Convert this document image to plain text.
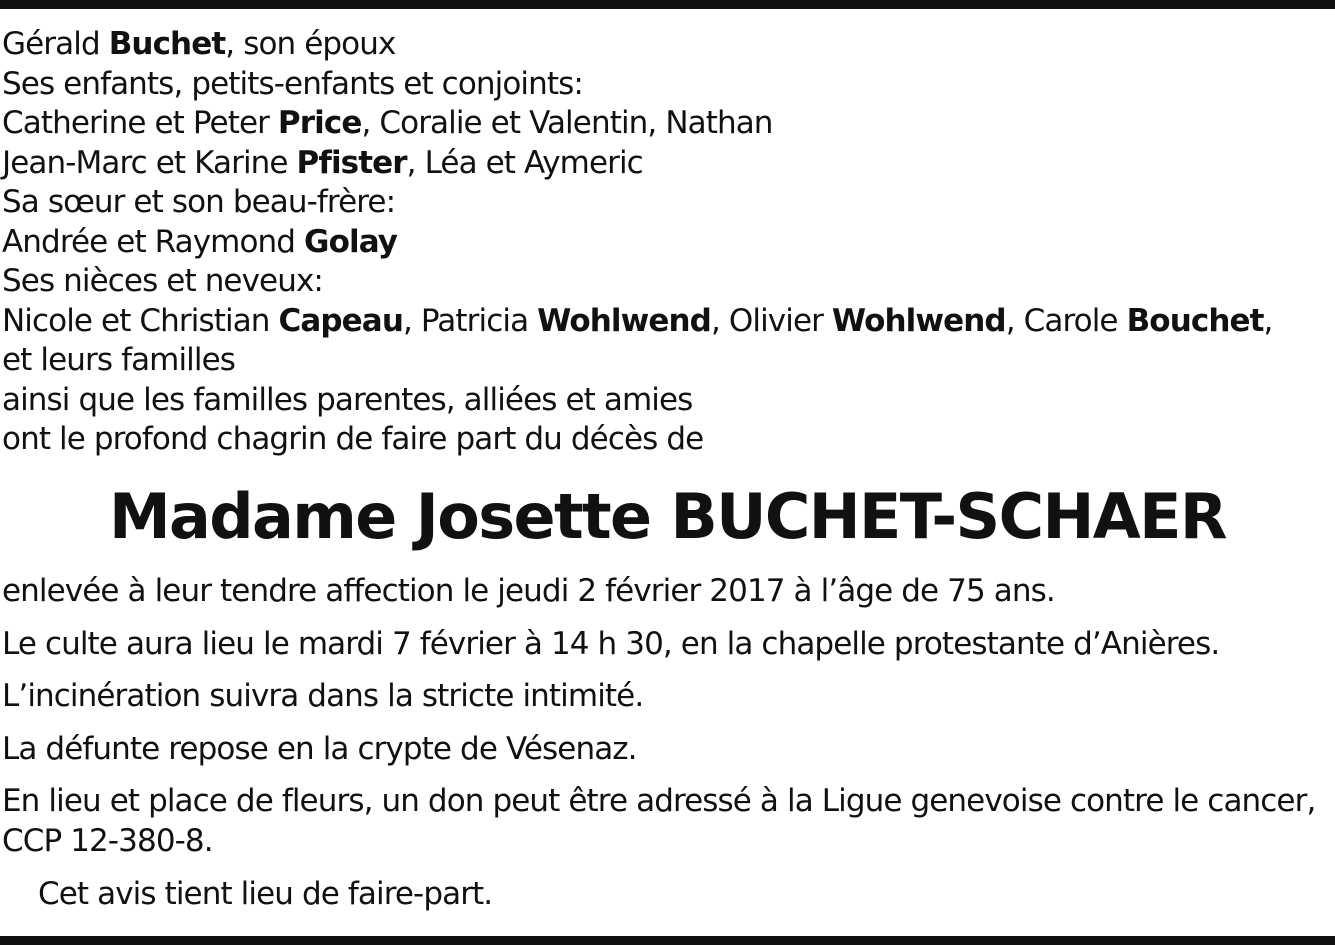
Gérald Buchet, son époux
Ses enfants, petits-enfants et conjoints:
Catherine et Peter Price, Coralie et Valentin, Nathan
Jean-Marc et Karine Pfister, Léa et Aymeric
Sa sœur et son beau-frère:
Andrée et Raymond Golay
Ses nièces et neveux:
Nicole et Christian Capeau, Patricia Wohlwend, Olivier Wohlwend, Carole Bouchet,
et leurs familles
ainsi que les familles parentes, alliées et amies
ont le profond chagrin de faire part du décès de
Madame Josette BUCHET-SCHAER
enlevée à leur tendre affection le jeudi 2 février 2017 à l’âge de 75 ans.
Le culte aura lieu le mardi 7 février à 14 h 30, en la chapelle protestante d’Anières.
L’incinération suivra dans la stricte intimité.
La défunte repose en la crypte de Vésenaz.
En lieu et place de fleurs, un don peut être adressé à la Ligue genevoise contre le cancer,
CCP 12-380-8.
Cet avis tient lieu de faire-part.
